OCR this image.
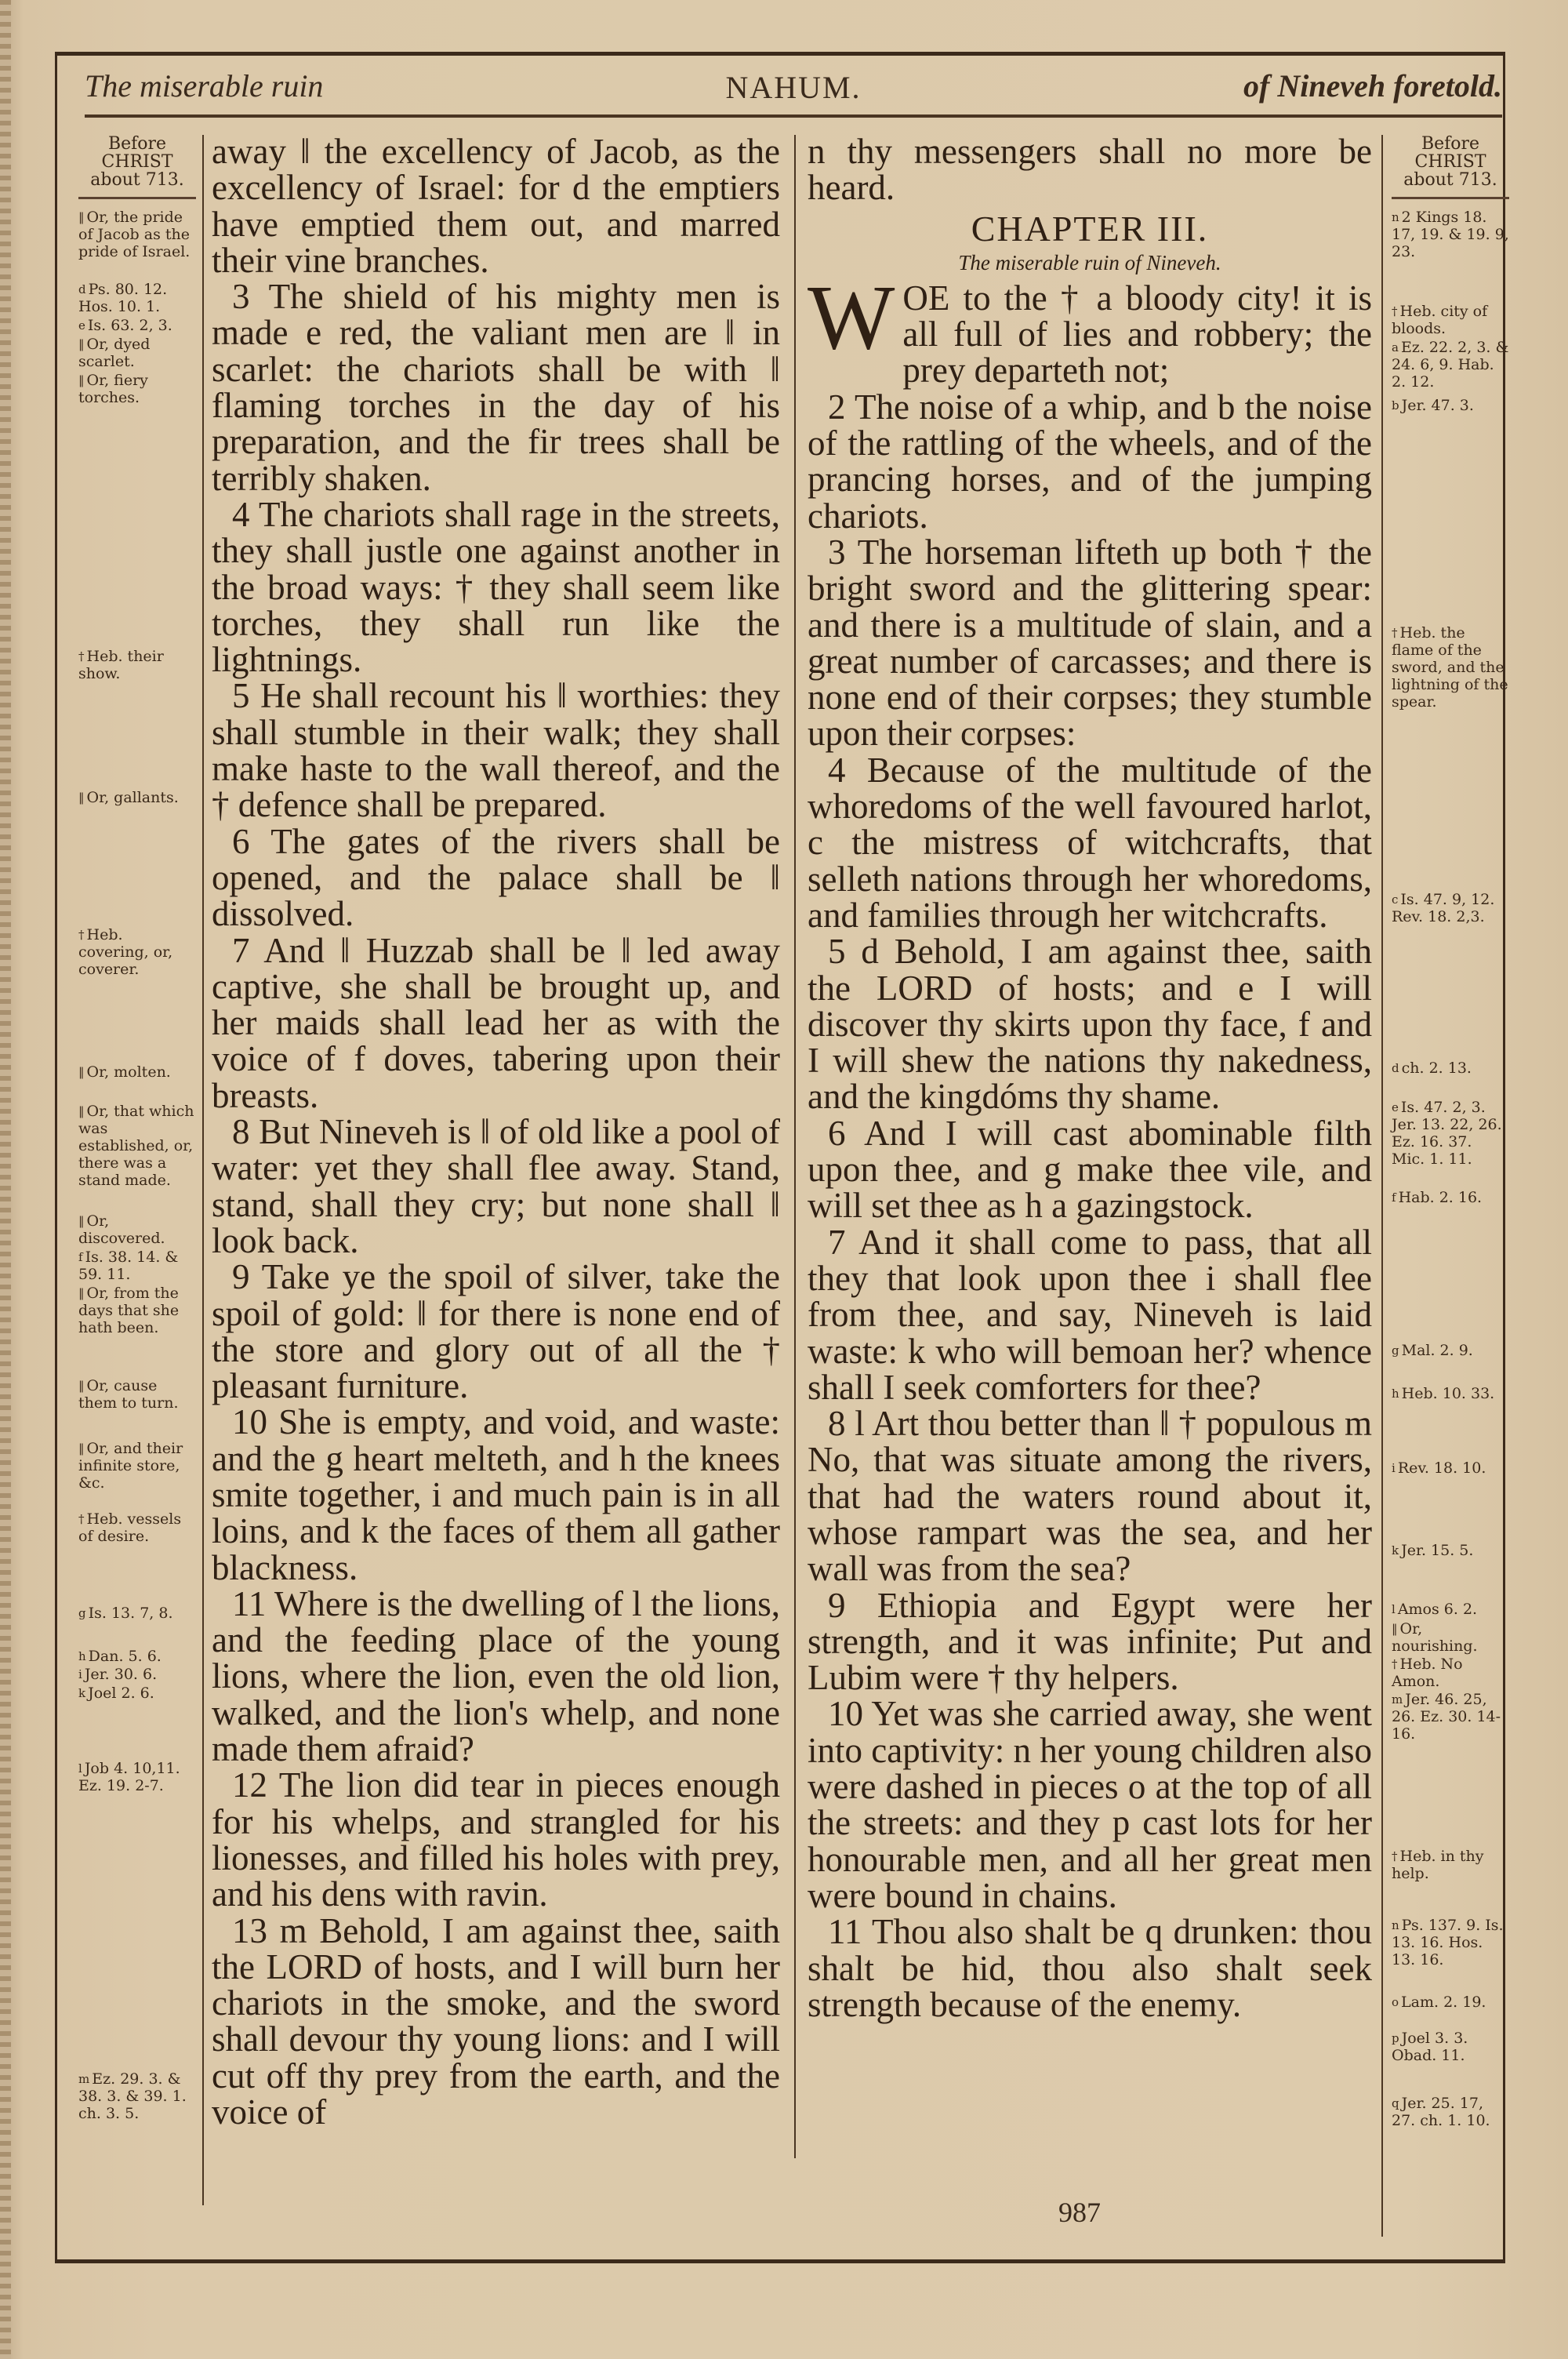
The miserable ruin	NAHUM.	of Nineveh foretold.
Before
CHRIST
about 713.
‖ Or, the pride of Jacob as the pride of Israel.
$^d$ Ps. 80. 12. Hos. 10. 1.
$^e$ Is. 63. 2, 3.
‖ Or, dyed scarlet.
‖ Or, fiery torches.
† Heb. their show.
‖ Or, gallants.
† Heb. covering, or, coverer.
‖ Or, molten.
‖ Or, that which was established, or, there was a stand made.
‖ Or, discovered.
$^f$ Is. 38. 14. & 59. 11.
‖ Or, from the days that she hath been.
‖ Or, cause them to turn.
‖ Or, and their infinite store, &c.
† Heb. vessels of desire.
$^g$ Is. 13. 7, 8.
$^h$ Dan. 5. 6.
$^i$ Jer. 30. 6.
$^k$ Joel 2. 6.
$^l$ Job 4. 10,11. Ez. 19. 2-7.
$^m$ Ez. 29. 3. & 38. 3. & 39. 1. ch. 3. 5.
Before
CHRIST
about 713.
$^n$ 2 Kings 18. 17, 19. & 19. 9, 23.
† Heb. city of bloods.
$^a$ Ez. 22. 2, 3. & 24. 6, 9. Hab. 2. 12.
$^b$ Jer. 47. 3.
† Heb. the flame of the sword, and the lightning of the spear.
$^c$ Is. 47. 9, 12. Rev. 18. 2,3.
$^d$ ch. 2. 13.
$^e$ Is. 47. 2, 3. Jer. 13. 22, 26. Ez. 16. 37. Mic. 1. 11.
$^f$ Hab. 2. 16.
$^g$ Mal. 2. 9.
$^h$ Heb. 10. 33.
$^i$ Rev. 18. 10.
$^k$ Jer. 15. 5.
$^l$ Amos 6. 2.
‖ Or, nourishing.
† Heb. No Amon.
$^m$ Jer. 46. 25, 26. Ez. 30. 14-16.
† Heb. in thy help.
$^n$ Ps. 137. 9. Is. 13. 16. Hos. 13. 16.
$^o$ Lam. 2. 19.
$^p$ Joel 3. 3. Obad. 11.
$^q$ Jer. 25. 17, 27. ch. 1. 10.

away ‖ the excellency of Jacob, as the excellency of Israel: for d the emptiers have emptied them out, and marred their vine branches.

3 The shield of his mighty men is made e red, the valiant men are ‖ in scarlet: the chariots shall be with ‖ flaming torches in the day of his preparation, and the fir trees shall be terribly shaken.

4 The chariots shall rage in the streets, they shall justle one against another in the broad ways: † they shall seem like torches, they shall run like the lightnings.

5 He shall recount his ‖ worthies: they shall stumble in their walk; they shall make haste to the wall thereof, and the † defence shall be prepared.

6 The gates of the rivers shall be opened, and the palace shall be ‖ dissolved.

7 And ‖ Huzzab shall be ‖ led away captive, she shall be brought up, and her maids shall lead her as with the voice of f doves, tabering upon their breasts.

8 But Nineveh is ‖ of old like a pool of water: yet they shall flee away. Stand, stand, shall they cry; but none shall ‖ look back.

9 Take ye the spoil of silver, take the spoil of gold: ‖ for there is none end of the store and glory out of all the † pleasant furniture.

10 She is empty, and void, and waste: and the g heart melteth, and h the knees smite together, i and much pain is in all loins, and k the faces of them all gather blackness.

11 Where is the dwelling of l the lions, and the feeding place of the young lions, where the lion, even the old lion, walked, and the lion's whelp, and none made them afraid?

12 The lion did tear in pieces enough for his whelps, and strangled for his lionesses, and filled his holes with prey, and his dens with ravin.

13 m Behold, I am against thee, saith the LORD of hosts, and I will burn her chariots in the smoke, and the sword shall devour thy young lions: and I will cut off thy prey from the earth, and the voice of

n thy messengers shall no more be heard.

CHAPTER III.
The miserable ruin of Nineveh.

W OE to the † a bloody city! it is all full of lies and robbery; the prey departeth not;

2 The noise of a whip, and b the noise of the rattling of the wheels, and of the prancing horses, and of the jumping chariots.

3 The horseman lifteth up both † the bright sword and the glittering spear: and there is a multitude of slain, and a great number of carcasses; and there is none end of their corpses; they stumble upon their corpses:

4 Because of the multitude of the whoredoms of the well favoured harlot, c the mistress of witchcrafts, that selleth nations through her whoredoms, and families through her witchcrafts.

5 d Behold, I am against thee, saith the LORD of hosts; and e I will discover thy skirts upon thy face, f and I will shew the nations thy nakedness, and the kingdóms thy shame.

6 And I will cast abominable filth upon thee, and g make thee vile, and will set thee as h a gazingstock.

7 And it shall come to pass, that all they that look upon thee i shall flee from thee, and say, Nineveh is laid waste: k who will bemoan her? whence shall I seek comforters for thee?

8 l Art thou better than ‖ † populous m No, that was situate among the rivers, that had the waters round about it, whose rampart was the sea, and her wall was from the sea?

9 Ethiopia and Egypt were her strength, and it was infinite; Put and Lubim were † thy helpers.

10 Yet was she carried away, she went into captivity: n her young children also were dashed in pieces o at the top of all the streets: and they p cast lots for her honourable men, and all her great men were bound in chains.

11 Thou also shalt be q drunken: thou shalt be hid, thou also shalt seek strength because of the enemy.

987
